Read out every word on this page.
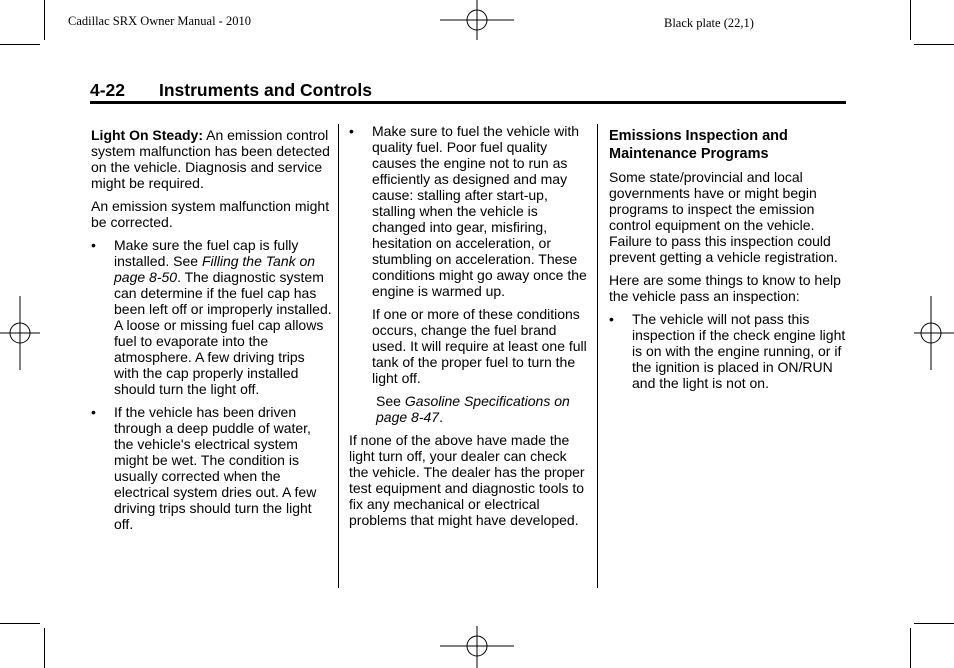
Cadillac SRX Owner Manual - 2010	Black plate (22,1)
4-22 Instruments and Controls

Light On Steady: An emission control system malfunction has been detected on the vehicle. Diagnosis and service might be required.

An emission system malfunction might be corrected.

• Make sure the fuel cap is fully installed. See Filling the Tank on page 8-50. The diagnostic system can determine if the fuel cap has been left off or improperly installed. A loose or missing fuel cap allows fuel to evaporate into the atmosphere. A few driving trips with the cap properly installed should turn the light off.
• If the vehicle has been driven through a deep puddle of water, the vehicle's electrical system might be wet. The condition is usually corrected when the electrical system dries out. A few driving trips should turn the light off.
• Make sure to fuel the vehicle with quality fuel. Poor fuel quality causes the engine not to run as efficiently as designed and may cause: stalling after start-up, stalling when the vehicle is changed into gear, misfiring, hesitation on acceleration, or stumbling on acceleration. These conditions might go away once the engine is warmed up.

If one or more of these conditions occurs, change the fuel brand used. It will require at least one full tank of the proper fuel to turn the light off.

See Gasoline Specifications on page 8-47.

If none of the above have made the light turn off, your dealer can check the vehicle. The dealer has the proper test equipment and diagnostic tools to fix any mechanical or electrical problems that might have developed.

Emissions Inspection and Maintenance Programs

Some state/provincial and local governments have or might begin programs to inspect the emission control equipment on the vehicle. Failure to pass this inspection could prevent getting a vehicle registration.

Here are some things to know to help the vehicle pass an inspection:

• The vehicle will not pass this inspection if the check engine light is on with the engine running, or if the ignition is placed in ON/RUN and the light is not on.
